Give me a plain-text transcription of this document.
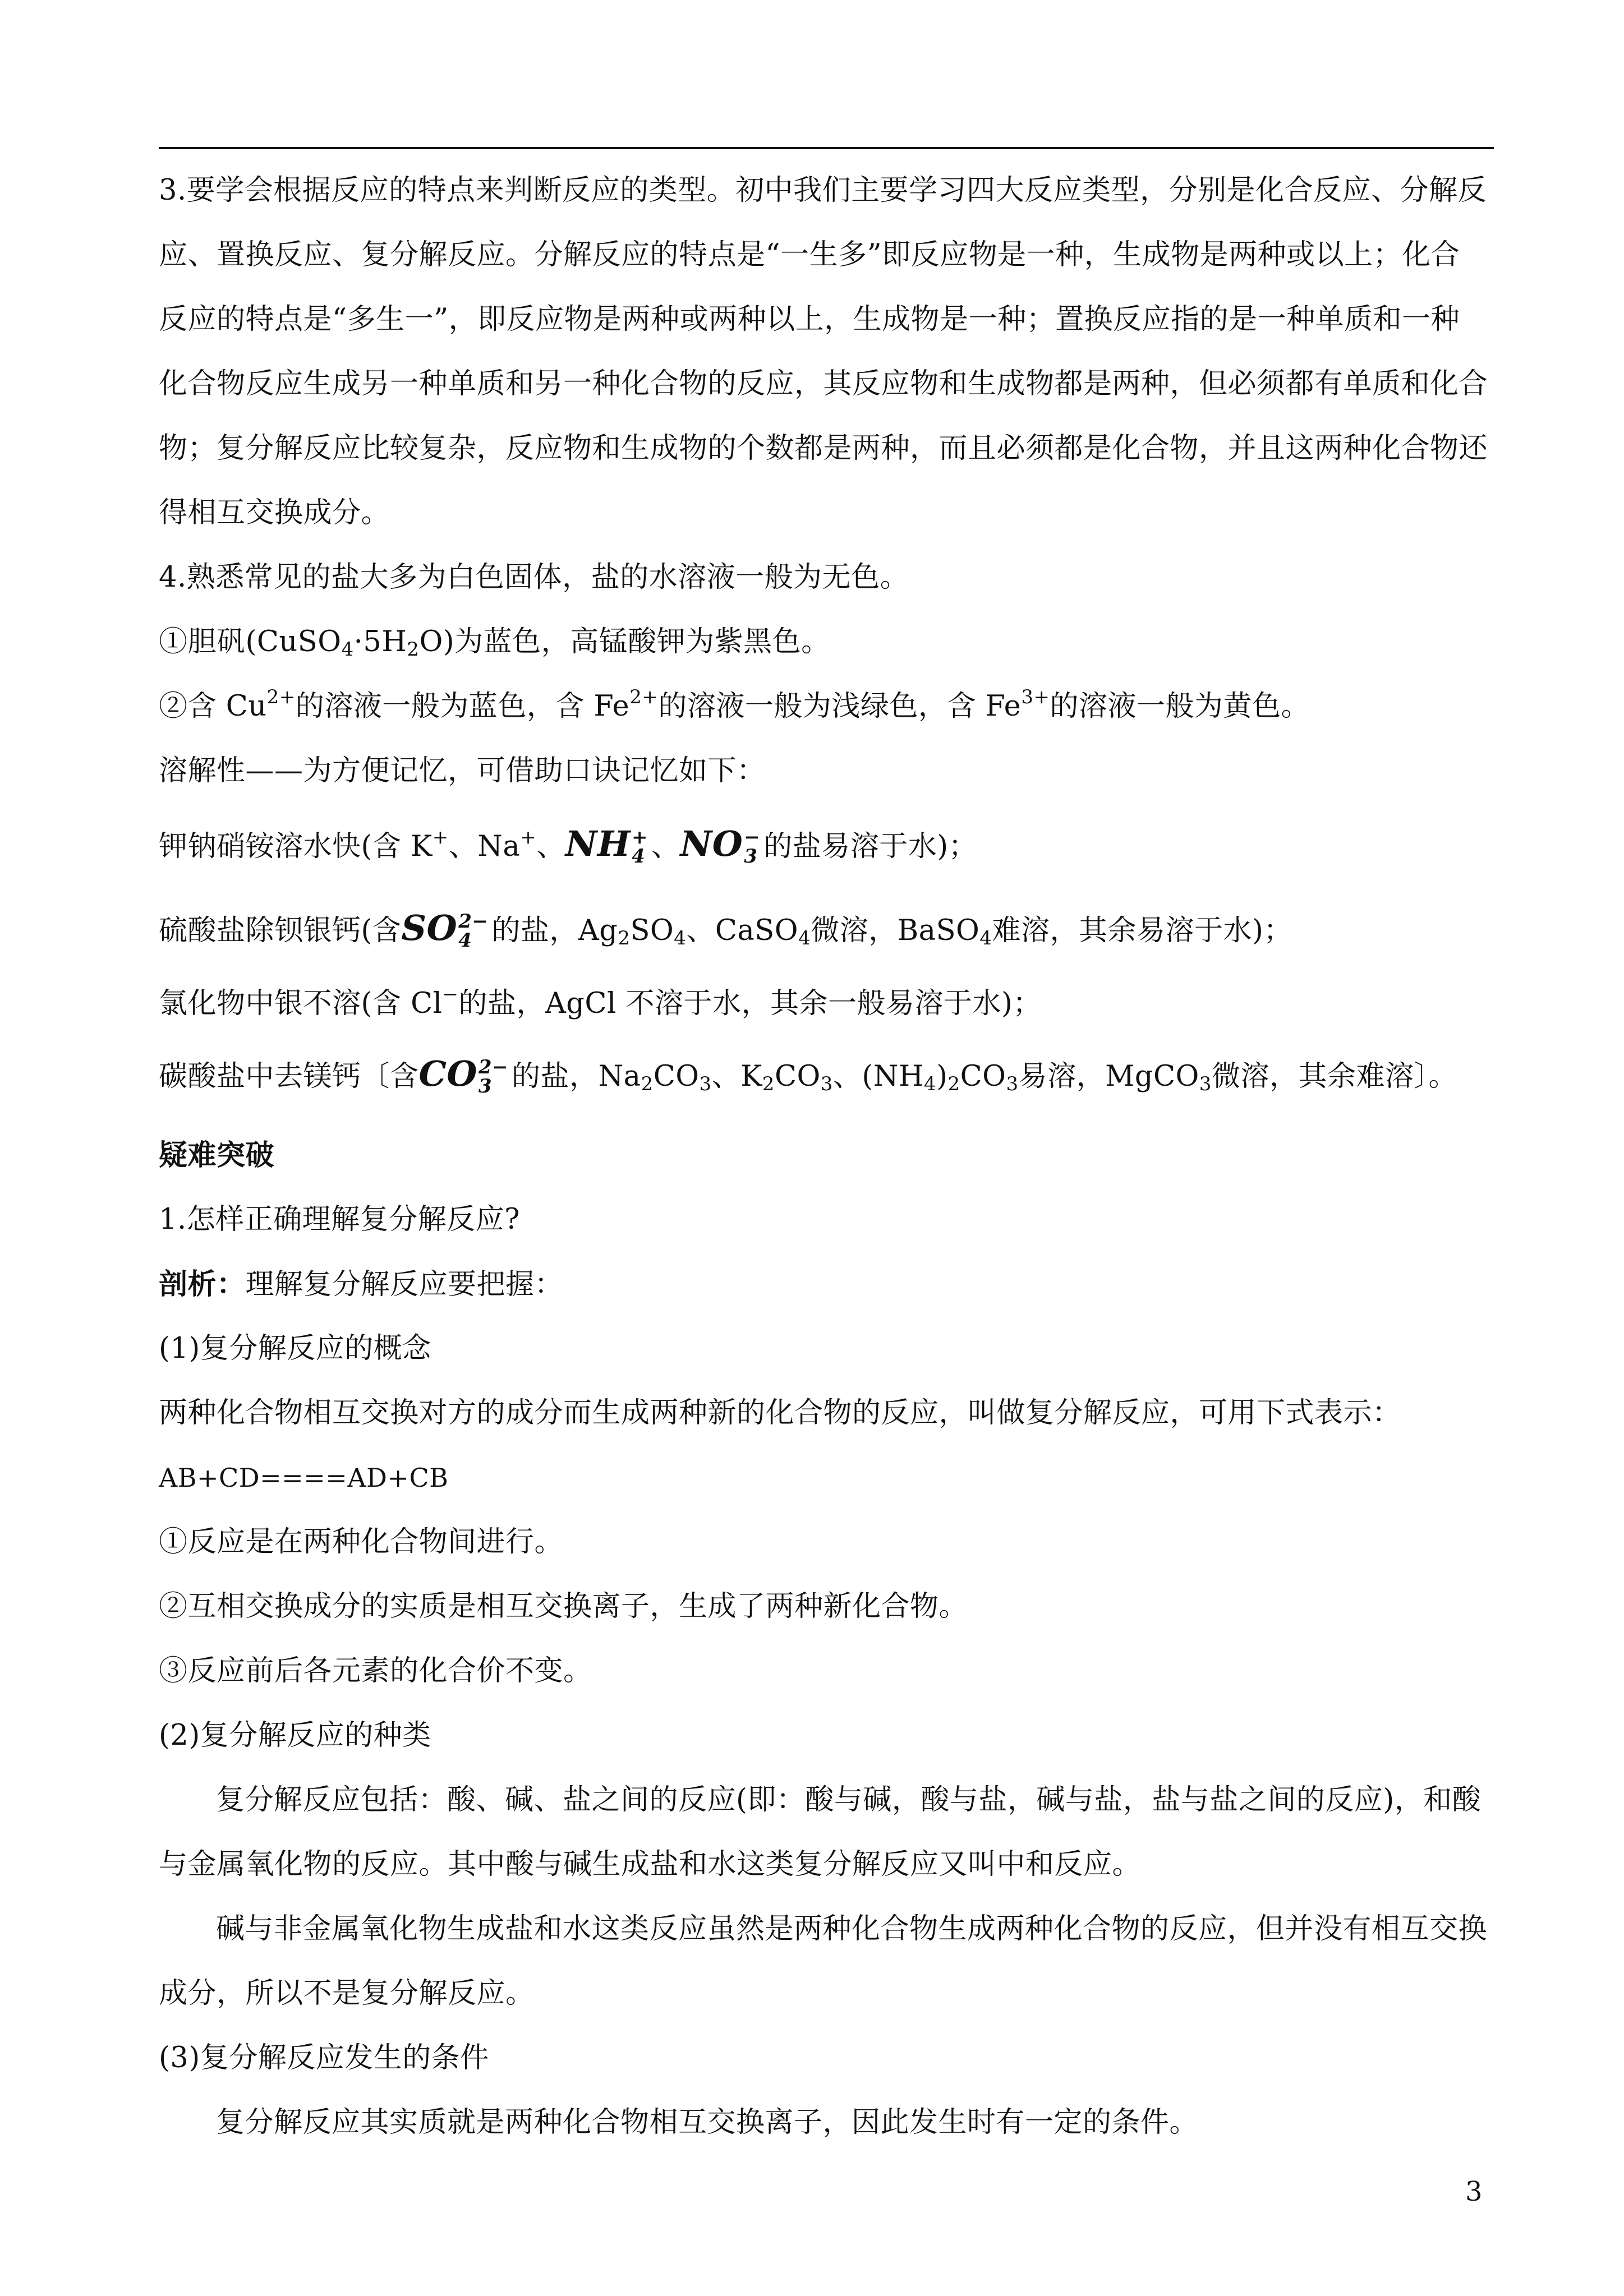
3.要学会根据反应的特点来判断反应的类型。初中我们主要学习四大反应类型，分别是化合反应、分解反
应、置换反应、复分解反应。分解反应的特点是“一生多”即反应物是一种，生成物是两种或以上；化合
反应的特点是“多生一”，即反应物是两种或两种以上，生成物是一种；置换反应指的是一种单质和一种
化合物反应生成另一种单质和另一种化合物的反应，其反应物和生成物都是两种，但必须都有单质和化合
物；复分解反应比较复杂，反应物和生成物的个数都是两种，而且必须都是化合物，并且这两种化合物还
得相互交换成分。
4.熟悉常见的盐大多为白色固体，盐的水溶液一般为无色。
①胆矾$(CuSO_4\cdot 5H_2O)$为蓝色，高锰酸钾为紫黑色。
②含 $Cu^{2+}$的溶液一般为蓝色，含 $Fe^{2+}$的溶液一般为浅绿色，含 $Fe^{3+}$的溶液一般为黄色。
溶解性——为方便记忆，可借助口诀记忆如下：
钾钠硝铵溶水快(含 K+、Na+、NH +
4 、NO −
3 的盐易溶于水)；
硫酸盐除钡银钙(含SO 2−
4 的盐，$Ag_2SO_4$、CaSO$_4$微溶，BaSO$_4$难溶，其余易溶于水)；
氯化物中银不溶(含 Cl−的盐，AgCl 不溶于水，其余一般易溶于水)；
碳酸盐中去镁钙〔含CO 2−
3 的盐，$Na_2CO_3$、$K_2CO_3$、$(NH_4)_2CO_3$易溶，MgCO$_3$微溶，其余难溶〕。
疑难突破
1.怎样正确理解复分解反应?
剖析：理解复分解反应要把握：
(1)复分解反应的概念
两种化合物相互交换对方的成分而生成两种新的化合物的反应，叫做复分解反应，可用下式表示：
AB+CD====AD+CB
①反应是在两种化合物间进行。
②互相交换成分的实质是相互交换离子，生成了两种新化合物。
③反应前后各元素的化合价不变。
(2)复分解反应的种类
复分解反应包括：酸、碱、盐之间的反应(即：酸与碱，酸与盐，碱与盐，盐与盐之间的反应)，和酸
与金属氧化物的反应。其中酸与碱生成盐和水这类复分解反应又叫中和反应。
碱与非金属氧化物生成盐和水这类反应虽然是两种化合物生成两种化合物的反应，但并没有相互交换
成分，所以不是复分解反应。
(3)复分解反应发生的条件
复分解反应其实质就是两种化合物相互交换离子，因此发生时有一定的条件。
3
